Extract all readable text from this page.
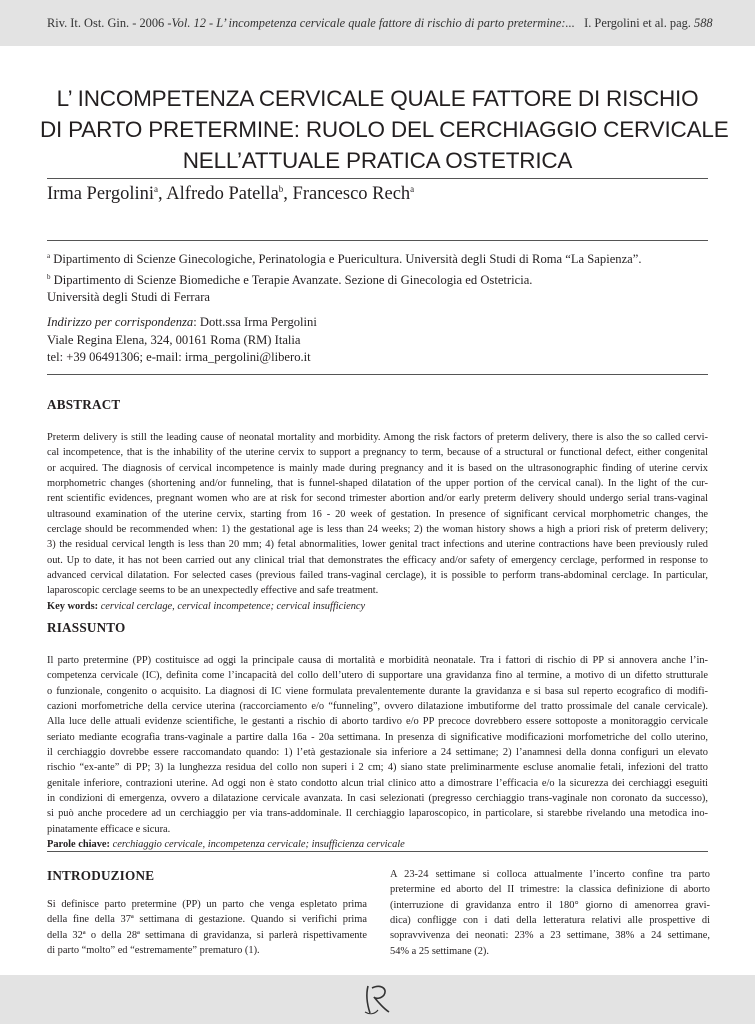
Riv. It. Ost. Gin. - 2006 -Vol. 12 - L’ incompetenza cervicale quale fattore di rischio di parto pretermine:... I. Pergolini et al. pag. 588
L’ INCOMPETENZA CERVICALE QUALE FATTORE DI RISCHIO
DI PARTO PRETERMINE: RUOLO DEL CERCHIAGGIO CERVICALE
NELL’ATTUALE PRATICA OSTETRICA
Irma Pergolini$^a$, Alfredo Patella$^b$, Francesco Rech$^a$
$^a$ Dipartimento di Scienze Ginecologiche, Perinatologia e Puericultura. Università degli Studi di Roma “La Sapienza”.
$^b$ Dipartimento di Scienze Biomediche e Terapie Avanzate. Sezione di Ginecologia ed Ostetricia.
Università degli Studi di Ferrara
Indirizzo per corrispondenza: Dott.ssa Irma Pergolini
Viale Regina Elena, 324, 00161 Roma (RM) Italia
tel: +39 06491306; e-mail: irma_pergolini@libero.it
ABSTRACT
Preterm delivery is still the leading cause of neonatal mortality and morbidity. Among the risk factors of preterm delivery, there is also the so called cervi-
cal incompetence, that is the inhability of the uterine cervix to support a pregnancy to term, because of a structural or functional defect, either congenital
or acquired. The diagnosis of cervical incompetence is mainly made during pregnancy and it is based on the ultrasonographic finding of uterine cervix
morphometric changes (shortening and/or funneling, that is funnel-shaped dilatation of the upper portion of the cervical canal). In the light of the cur-
rent scientific evidences, pregnant women who are at risk for second trimester abortion and/or early preterm delivery should undergo serial trans-vaginal
ultrasound examination of the uterine cervix, starting from 16 - 20 week of gestation. In presence of significant cervical morphometric changes, the
cerclage should be recommended when: 1) the gestational age is less than 24 weeks; 2) the woman history shows a high a priori risk of preterm delivery;
3) the residual cervical length is less than 20 mm; 4) fetal abnormalities, lower genital tract infections and uterine contractions have been previously ruled
out. Up to date, it has not been carried out any clinical trial that demonstrates the efficacy and/or safety of emergency cerclage, performed in response to
advanced cervical dilatation. For selected cases (previous failed trans-vaginal cerclage), it is possible to perform trans-abdominal cerclage. In particular,
laparoscopic cerclage seems to be an unexpectedly effective and safe treatment.
Key words: cervical cerclage, cervical incompetence; cervical insufficiency
RIASSUNTO
Il parto pretermine (PP) costituisce ad oggi la principale causa di mortalità e morbidità neonatale. Tra i fattori di rischio di PP si annovera anche l’in-
competenza cervicale (IC), definita come l’incapacità del collo dell’utero di supportare una gravidanza fino al termine, a motivo di un difetto strutturale
o funzionale, congenito o acquisito. La diagnosi di IC viene formulata prevalentemente durante la gravidanza e si basa sul reperto ecografico di modifi-
cazioni morfometriche della cervice uterina (raccorciamento e/o “funneling”, ovvero dilatazione imbutiforme del tratto prossimale del canale cervicale).
Alla luce delle attuali evidenze scientifiche, le gestanti a rischio di aborto tardivo e/o PP precoce dovrebbero essere sottoposte a monitoraggio cervicale
seriato mediante ecografia trans-vaginale a partire dalla 16a - 20a settimana. In presenza di significative modificazioni morfometriche del collo uterino,
il cerchiaggio dovrebbe essere raccomandato quando: 1) l’età gestazionale sia inferiore a 24 settimane; 2) l’anamnesi della donna configuri un elevato
rischio “ex-ante” di PP; 3) la lunghezza residua del collo non superi i 2 cm; 4) siano state preliminarmente escluse anomalie fetali, infezioni del tratto
genitale inferiore, contrazioni uterine. Ad oggi non è stato condotto alcun trial clinico atto a dimostrare l’efficacia e/o la sicurezza dei cerchiaggi eseguiti
in condizioni di emergenza, ovvero a dilatazione cervicale avanzata. In casi selezionati (pregresso cerchiaggio trans-vaginale non coronato da successo),
si può anche procedere ad un cerchiaggio per via trans-addominale. Il cerchiaggio laparoscopico, in particolare, si starebbe rivelando una metodica ino-
pinatamente efficace e sicura.
Parole chiave: cerchiaggio cervicale, incompetenza cervicale; insufficienza cervicale
INTRODUZIONE
Si definisce parto pretermine (PP) un parto che venga espletato prima
della fine della 37ª settimana di gestazione. Quando si verifichi prima
della 32ª o della 28ª settimana di gravidanza, si parlerà rispettivamente
di parto “molto” ed “estremamente” prematuro (1).
A 23-24 settimane si colloca attualmente l’incerto confine tra parto
pretermine ed aborto del II trimestre: la classica definizione di aborto
(interruzione di gravidanza entro il 180° giorno di amenorrea gravi-
dica) confligge con i dati della letteratura relativi alle prospettive di
sopravvivenza dei neonati: 23% a 23 settimane, 38% a 24 settimane,
54% a 25 settimane (2).
